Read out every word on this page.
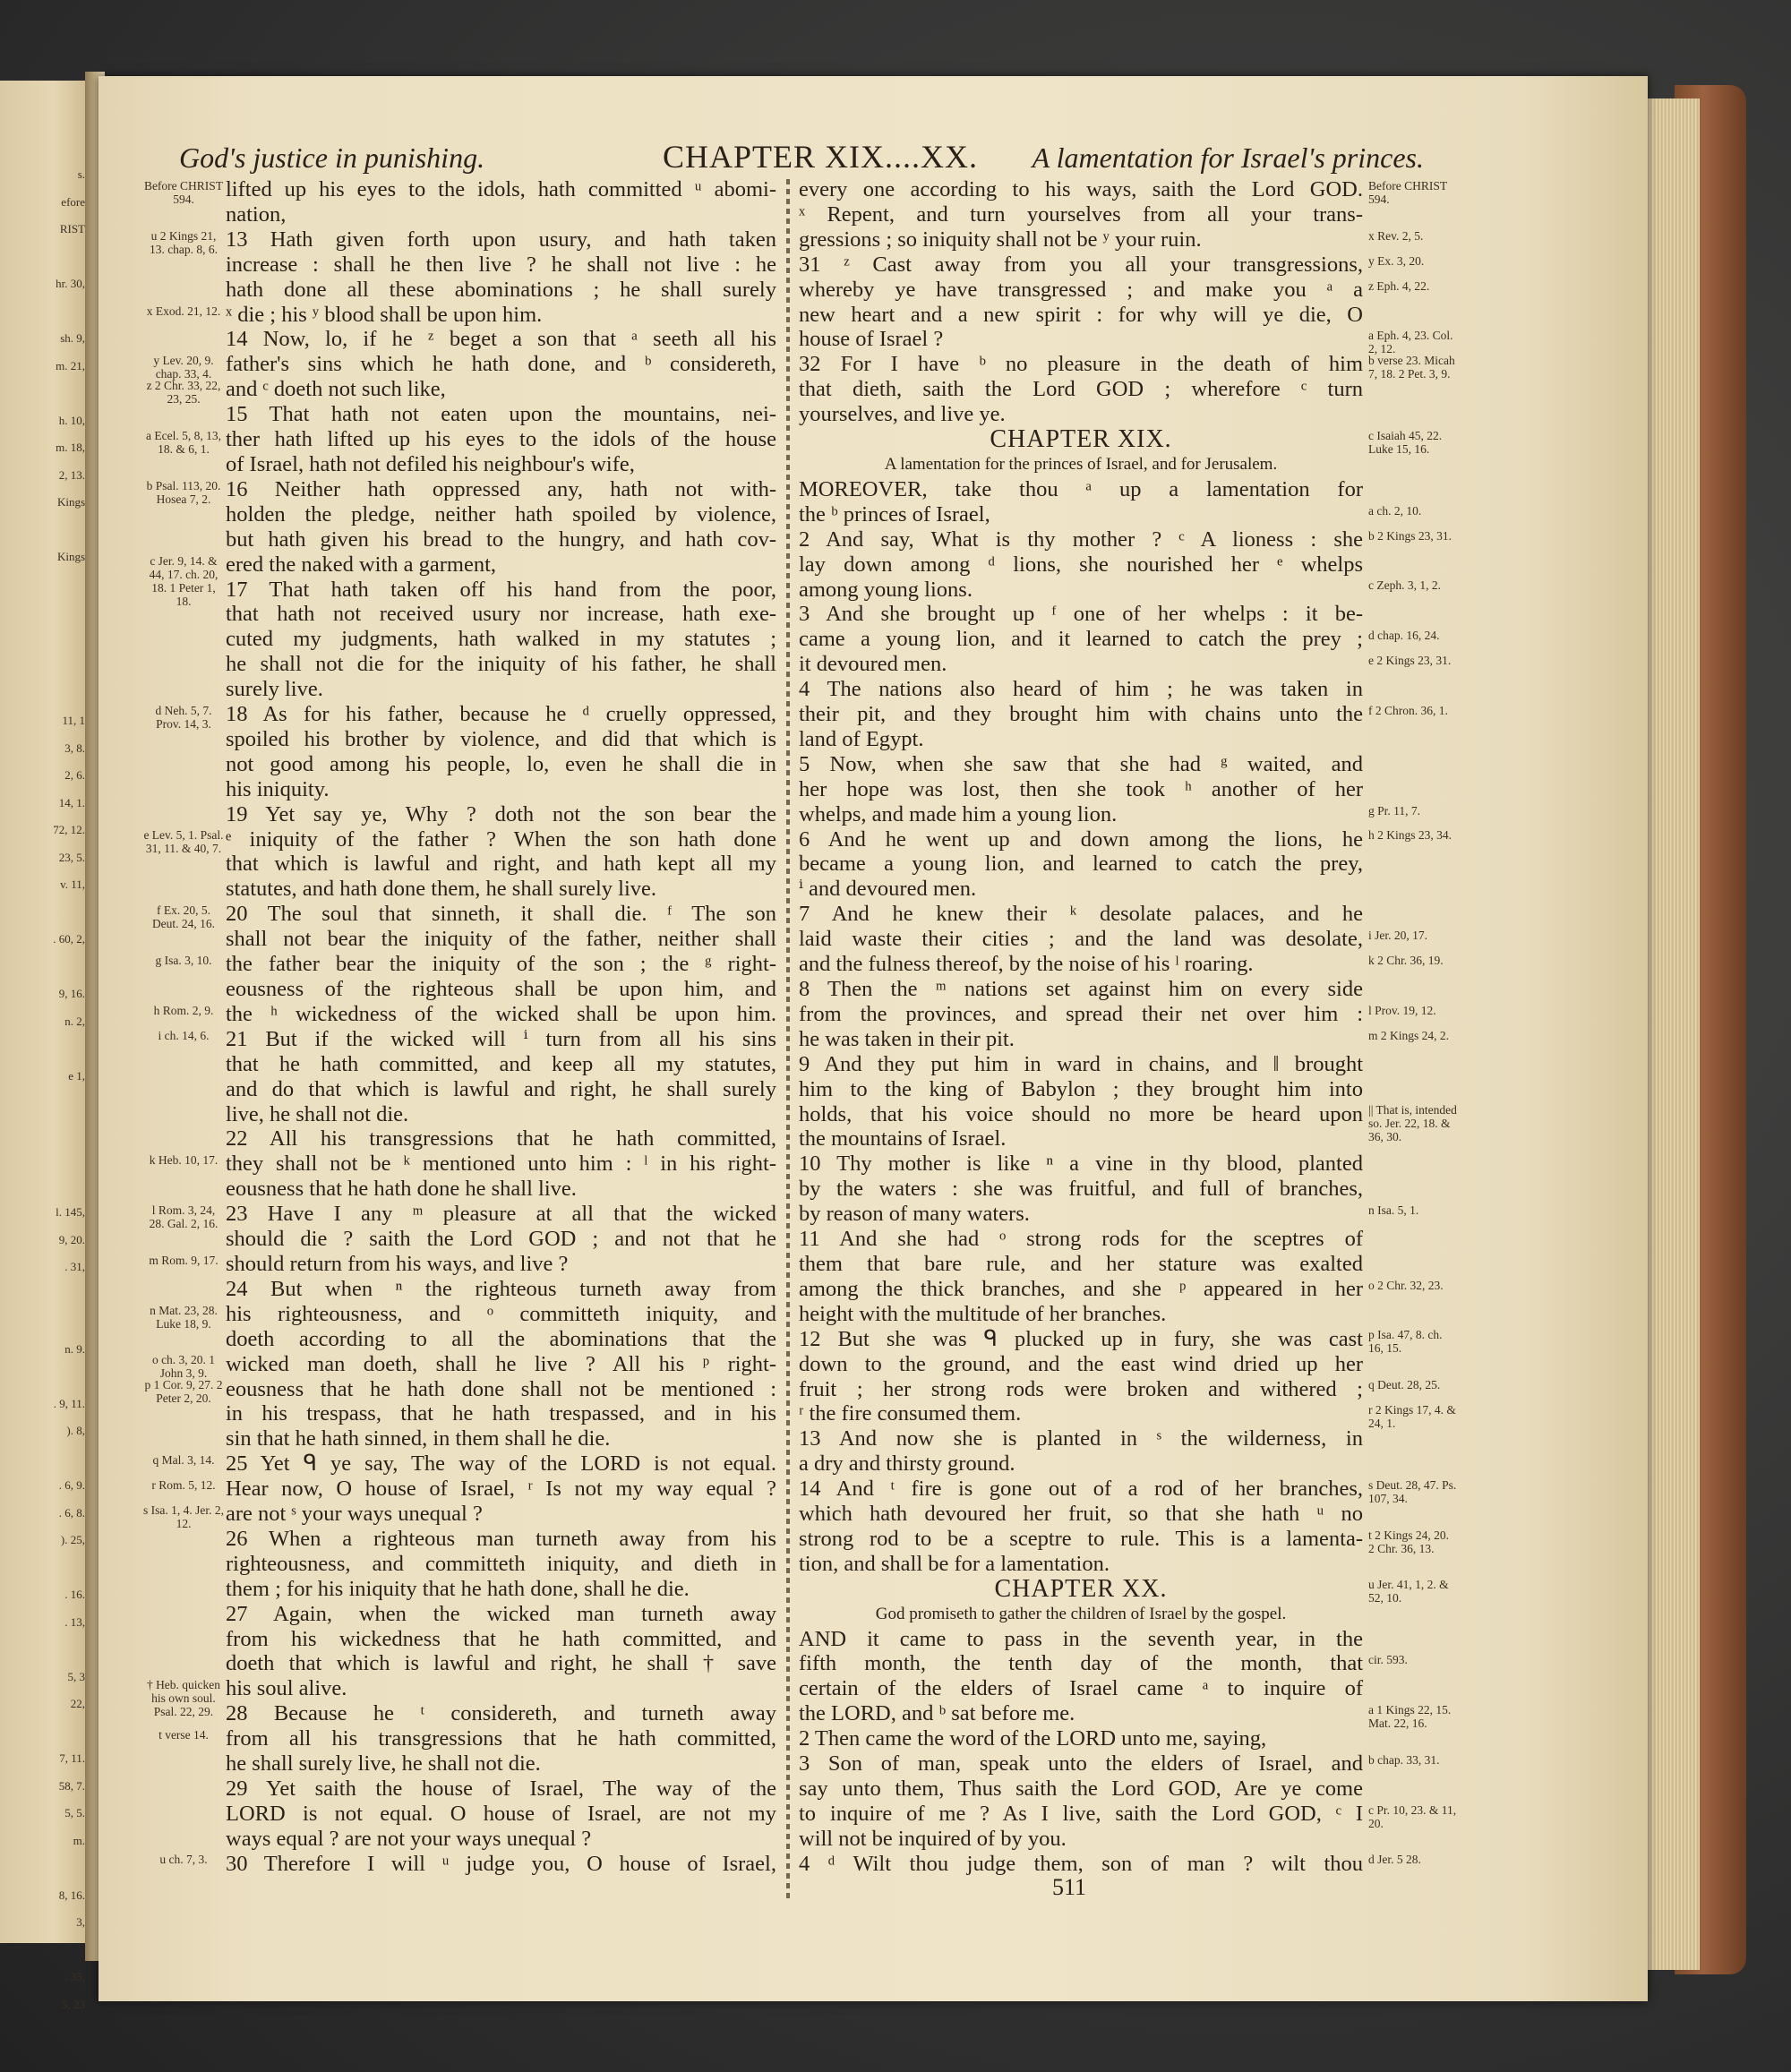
s.
efore
RIST

hr. 30,

sh. 9,
m. 21,

h. 10,
m. 18,
2, 13.
Kings

Kings

11, 1
3, 8.
2, 6.
14, 1.
72, 12.
23, 5.
v. 11,

. 60, 2,

9, 16.
n. 2,

e 1,

l. 145,
9, 20.
. 31,

n. 9.

. 9, 11.
). 8,

. 6, 9.
. 6, 8.
). 25,

. 16.
. 13,

5, 3
22,

7, 11.
58, 7.
5, 5.
m.

8, 16.
3,

. 35,
5, 23
God's justice in punishing.	CHAPTER XIX....XX. A lamentation for Israel's princes.
Before CHRIST 594.
u 2 Kings 21, 13. chap. 8, 6.
x Exod. 21, 12.
y Lev. 20, 9. chap. 33, 4.
z 2 Chr. 33, 22, 23, 25.
a Ecel. 5, 8, 13, 18. & 6, 1.
b Psal. 113, 20. Hosea 7, 2.
c Jer. 9, 14. & 44, 17. ch. 20, 18. 1 Peter 1, 18.
d Neh. 5, 7. Prov. 14, 3.
e Lev. 5, 1. Psal. 31, 11. & 40, 7.
f Ex. 20, 5. Deut. 24, 16.
g Isa. 3, 10.
h Rom. 2, 9.
i ch. 14, 6.
k Heb. 10, 17.
l Rom. 3, 24, 28. Gal. 2, 16.
m Rom. 9, 17.
n Mat. 23, 28. Luke 18, 9.
o ch. 3, 20. 1 John 3, 9.
p 1 Cor. 9, 27. 2 Peter 2, 20.
q Mal. 3, 14.
r Rom. 5, 12.
s Isa. 1, 4. Jer. 2, 12.
† Heb. quicken his own soul. Psal. 22, 29.
t verse 14.
u ch. 7, 3.
lifted up his eyes to the idols, hath committed ᵘ abomi-
nation,
13 Hath given forth upon usury, and hath taken
increase : shall he then live ? he shall not live : he
hath done all these abominations ; he shall surely
ˣ die ; his ʸ blood shall be upon him.
14 Now, lo, if he ᶻ beget a son that ᵃ seeth all his
father's sins which he hath done, and ᵇ considereth,
and ᶜ doeth not such like,
15 That hath not eaten upon the mountains, nei-
ther hath lifted up his eyes to the idols of the house
of Israel, hath not defiled his neighbour's wife,
16 Neither hath oppressed any, hath not with-
holden the pledge, neither hath spoiled by violence,
but hath given his bread to the hungry, and hath cov-
ered the naked with a garment,
17 That hath taken off his hand from the poor,
that hath not received usury nor increase, hath exe-
cuted my judgments, hath walked in my statutes ;
he shall not die for the iniquity of his father, he shall
surely live.
18 As for his father, because he ᵈ cruelly oppressed,
spoiled his brother by violence, and did that which is
not good among his people, lo, even he shall die in
his iniquity.
19 Yet say ye, Why ? doth not the son bear the
ᵉ iniquity of the father ? When the son hath done
that which is lawful and right, and hath kept all my
statutes, and hath done them, he shall surely live.
20 The soul that sinneth, it shall die. ᶠ The son
shall not bear the iniquity of the father, neither shall
the father bear the iniquity of the son ; the ᵍ right-
eousness of the righteous shall be upon him, and
the ʰ wickedness of the wicked shall be upon him.
21 But if the wicked will ⁱ turn from all his sins
that he hath committed, and keep all my statutes,
and do that which is lawful and right, he shall surely
live, he shall not die.
22 All his transgressions that he hath committed,
they shall not be ᵏ mentioned unto him : ˡ in his right-
eousness that he hath done he shall live.
23 Have I any ᵐ pleasure at all that the wicked
should die ? saith the Lord GOD ; and not that he
should return from his ways, and live ?
24 But when ⁿ the righteous turneth away from
his righteousness, and ᵒ committeth iniquity, and
doeth according to all the abominations that the
wicked man doeth, shall he live ? All his ᵖ right-
eousness that he hath done shall not be mentioned :
in his trespass, that he hath trespassed, and in his
sin that he hath sinned, in them shall he die.
25 Yet ᑫ ye say, The way of the LORD is not equal.
Hear now, O house of Israel, ʳ Is not my way equal ?
are not ˢ your ways unequal ?
26 When a righteous man turneth away from his
righteousness, and committeth iniquity, and dieth in
them ; for his iniquity that he hath done, shall he die.
27 Again, when the wicked man turneth away
from his wickedness that he hath committed, and
doeth that which is lawful and right, he shall † save
his soul alive.
28 Because he ᵗ considereth, and turneth away
from all his transgressions that he hath committed,
he shall surely live, he shall not die.
29 Yet saith the house of Israel, The way of the
LORD is not equal. O house of Israel, are not my
ways equal ? are not your ways unequal ?
30 Therefore I will ᵘ judge you, O house of Israel,
every one according to his ways, saith the Lord GOD.
ˣ Repent, and turn yourselves from all your trans-
gressions ; so iniquity shall not be ʸ your ruin.
31 ᶻ Cast away from you all your transgressions,
whereby ye have transgressed ; and make you ᵃ a
new heart and a new spirit : for why will ye die, O
house of Israel ?
32 For I have ᵇ no pleasure in the death of him
that dieth, saith the Lord GOD ; wherefore ᶜ turn
yourselves, and live ye.
CHAPTER XIX.
A lamentation for the princes of Israel, and for Jerusalem.
MOREOVER, take thou ᵃ up a lamentation for
the ᵇ princes of Israel,
2 And say, What is thy mother ? ᶜ A lioness : she
lay down among ᵈ lions, she nourished her ᵉ whelps
among young lions.
3 And she brought up ᶠ one of her whelps : it be-
came a young lion, and it learned to catch the prey ;
it devoured men.
4 The nations also heard of him ; he was taken in
their pit, and they brought him with chains unto the
land of Egypt.
5 Now, when she saw that she had ᵍ waited, and
her hope was lost, then she took ʰ another of her
whelps, and made him a young lion.
6 And he went up and down among the lions, he
became a young lion, and learned to catch the prey,
ⁱ and devoured men.
7 And he knew their ᵏ desolate palaces, and he
laid waste their cities ; and the land was desolate,
and the fulness thereof, by the noise of his ˡ roaring.
8 Then the ᵐ nations set against him on every side
from the provinces, and spread their net over him :
he was taken in their pit.
9 And they put him in ward in chains, and ‖ brought
him to the king of Babylon ; they brought him into
holds, that his voice should no more be heard upon
the mountains of Israel.
10 Thy mother is like ⁿ a vine in thy blood, planted
by the waters : she was fruitful, and full of branches,
by reason of many waters.
11 And she had ᵒ strong rods for the sceptres of
them that bare rule, and her stature was exalted
among the thick branches, and she ᵖ appeared in her
height with the multitude of her branches.
12 But she was ᑫ plucked up in fury, she was cast
down to the ground, and the east wind dried up her
fruit ; her strong rods were broken and withered ;
ʳ the fire consumed them.
13 And now she is planted in ˢ the wilderness, in
a dry and thirsty ground.
14 And ᵗ fire is gone out of a rod of her branches,
which hath devoured her fruit, so that she hath ᵘ no
strong rod to be a sceptre to rule. This is a lamenta-
tion, and shall be for a lamentation.
CHAPTER XX.
God promiseth to gather the children of Israel by the gospel.
AND it came to pass in the seventh year, in the
fifth month, the tenth day of the month, that
certain of the elders of Israel came ᵃ to inquire of
the LORD, and ᵇ sat before me.
2 Then came the word of the LORD unto me, saying,
3 Son of man, speak unto the elders of Israel, and
say unto them, Thus saith the Lord GOD, Are ye come
to inquire of me ? As I live, saith the Lord GOD, ᶜ I
will not be inquired of by you.
4 ᵈ Wilt thou judge them, son of man ? wilt thou
Before CHRIST 594.
x Rev. 2, 5.
y Ex. 3, 20.
z Eph. 4, 22.
a Eph. 4, 23. Col. 2, 12.
b verse 23. Micah 7, 18. 2 Pet. 3, 9.
c Isaiah 45, 22. Luke 15, 16.
a ch. 2, 10.
b 2 Kings 23, 31.
c Zeph. 3, 1, 2.
d chap. 16, 24.
e 2 Kings 23, 31.
f 2 Chron. 36, 1.
g Pr. 11, 7.
h 2 Kings 23, 34.
i Jer. 20, 17.
k 2 Chr. 36, 19.
l Prov. 19, 12.
m 2 Kings 24, 2.
|| That is, intended so. Jer. 22, 18. & 36, 30.
n Isa. 5, 1.
o 2 Chr. 32, 23.
p Isa. 47, 8. ch. 16, 15.
q Deut. 28, 25.
r 2 Kings 17, 4. & 24, 1.
s Deut. 28, 47. Ps. 107, 34.
t 2 Kings 24, 20. 2 Chr. 36, 13.
u Jer. 41, 1, 2. & 52, 10.
cir. 593.
a 1 Kings 22, 15. Mat. 22, 16.
b chap. 33, 31.
c Pr. 10, 23. & 11, 20.
d Jer. 5 28.
511
